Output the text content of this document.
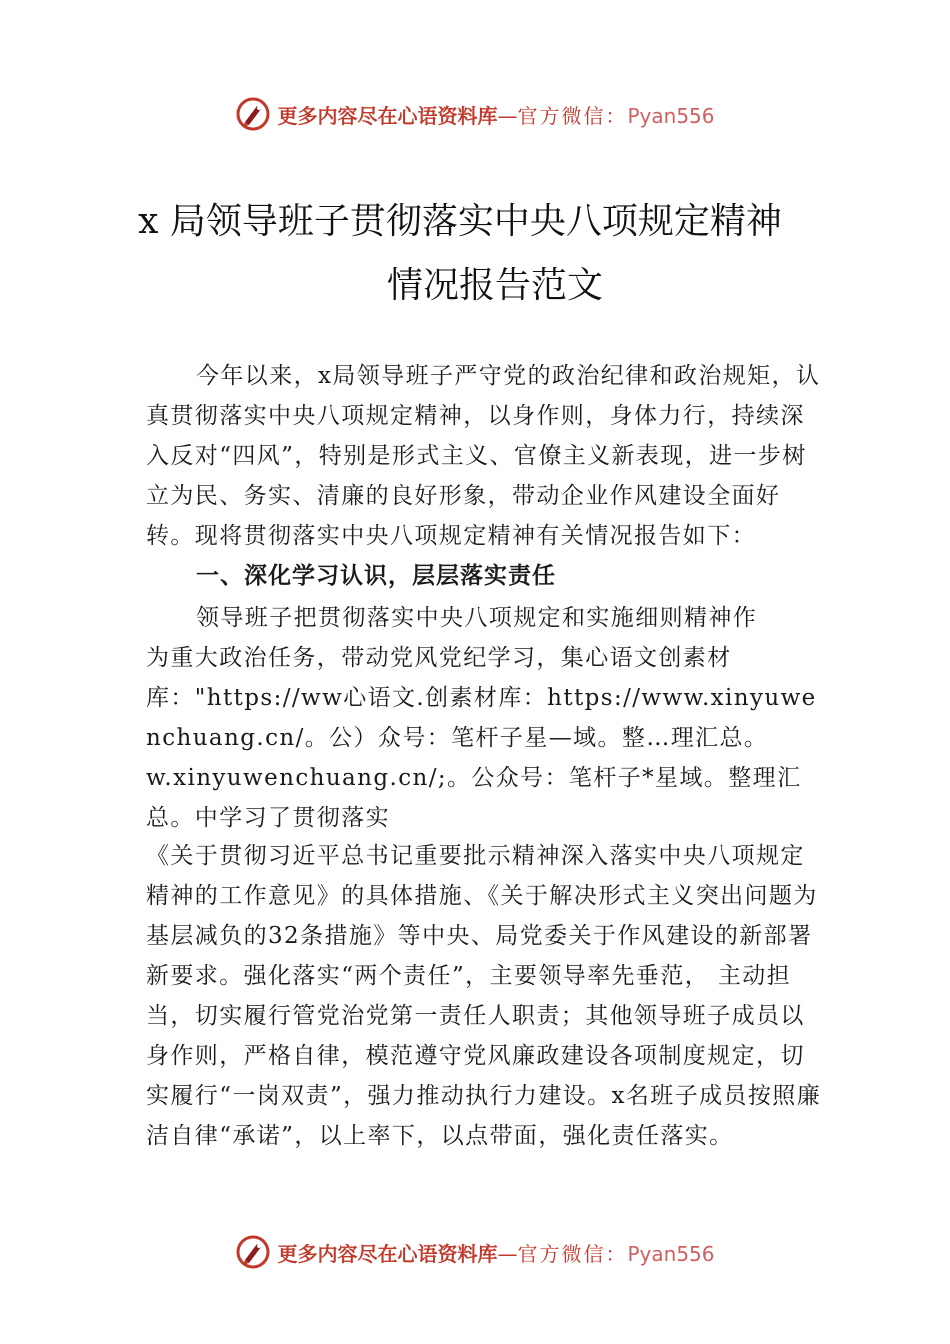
更多内容尽在心语资料库—官方微信：Pyan556
x 局领导班子贯彻落实中央八项规定精神
情况报告范文
今年以来，x局领导班子严守党的政治纪律和政治规矩，认真贯彻落实中央八项规定精神，以身作则，身体力行，持续深入反对“四风”，特别是形式主义、官僚主义新表现，进一步树立为民、务实、清廉的良好形象，带动企业作风建设全面好转。现将贯彻落实中央八项规定精神有关情况报告如下：
一、深化学习认识，层层落实责任
领导班子把贯彻落实中央八项规定和实施细则精神作
为重大政治任务，带动党风党纪学习，集心语文创素材
库："https://ww心语文.创素材库：https://www.xinyuwe
nchuang.cn/。公）众号：笔杆子星—域。整…理汇总。
w.xinyuwenchuang.cn/;。公众号：笔杆子*星域。整理汇
总。中学习了贯彻落实
《关于贯彻习近平总书记重要批示精神深入落实中央八项规定精神的工作意见》的具体措施、《关于解决形式主义突出问题为基层减负的32条措施》等中央、局党委关于作风建设的新部署新要求。强化落实“两个责任”，主要领导率先垂范， 主动担当，切实履行管党治党第一责任人职责；其他领导班子成员以身作则，严格自律，模范遵守党风廉政建设各项制度规定，切实履行“一岗双责”，强力推动执行力建设。x名班子成员按照廉洁自律“承诺”，以上率下，以点带面，强化责任落实。
更多内容尽在心语资料库—官方微信：Pyan556
